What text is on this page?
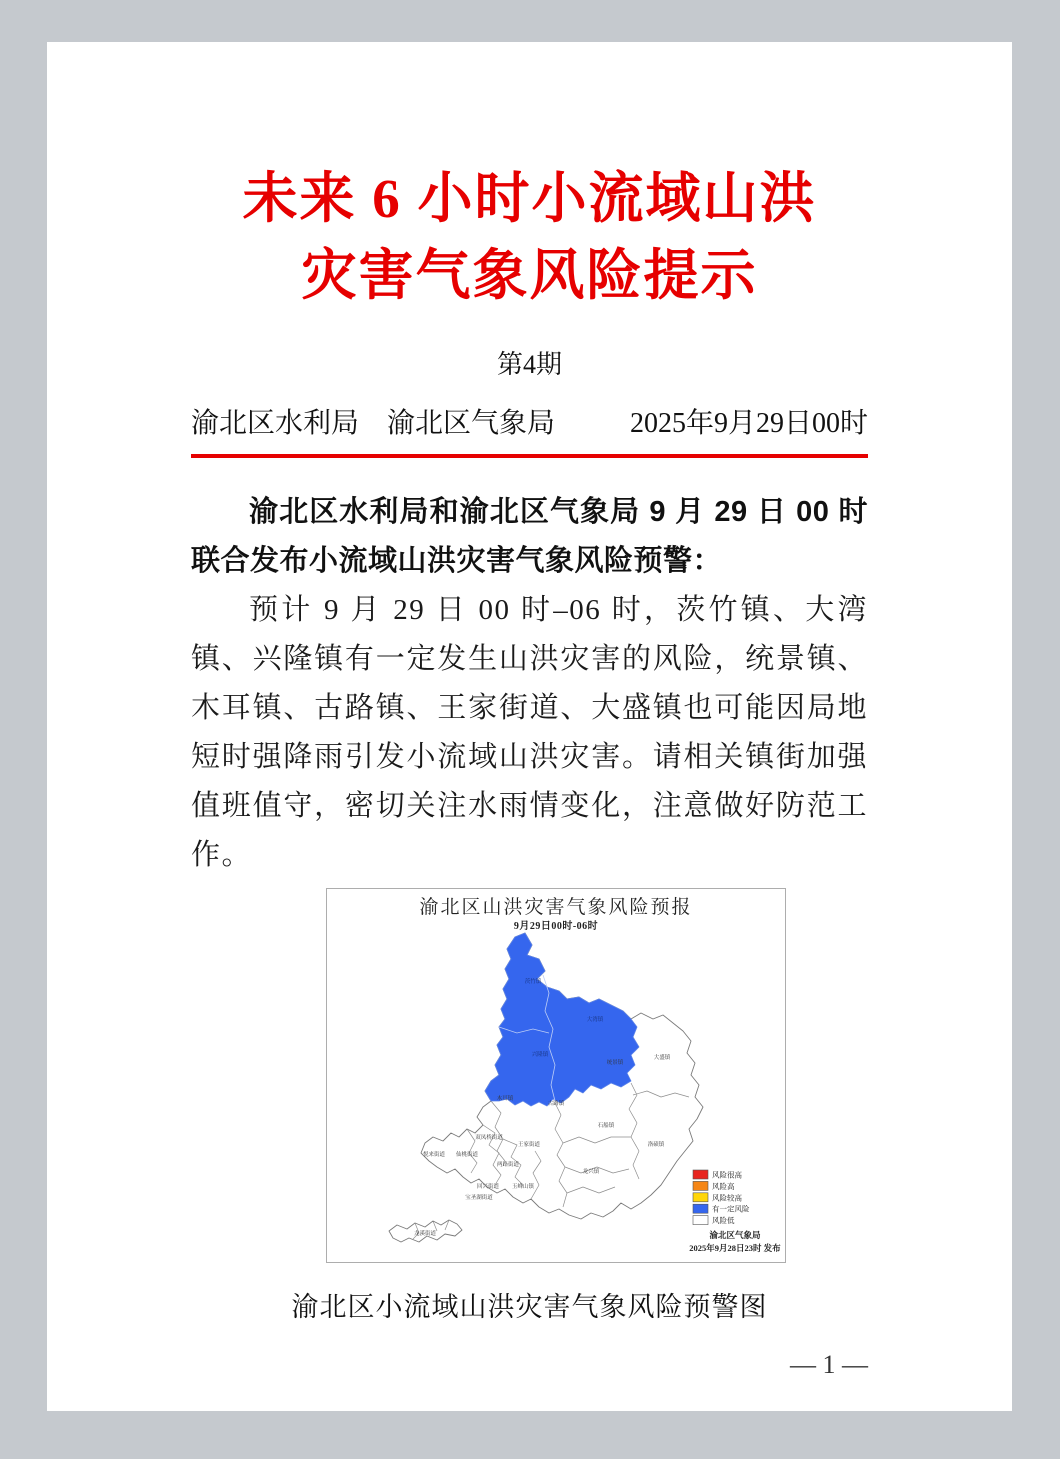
未来 6 小时小流域山洪
灾害气象风险提示
第4期
渝北区水利局　渝北区气象局	2025年9月29日00时

渝北区水利局和渝北区气象局 9 月 29 日 00 时联合发布小流域山洪灾害气象风险预警：

预计 9 月 29 日 00 时–06 时，茨竹镇、大湾镇、兴隆镇有一定发生山洪灾害的风险，统景镇、木耳镇、古路镇、王家街道、大盛镇也可能因局地短时强降雨引发小流域山洪灾害。请相关镇街加强值班值守，密切关注水雨情变化，注意做好防范工作。

渝北区山洪灾害气象风险预报
9月29日00时-06时
风险很高
风险高
风险较高
有一定风险
风险低
茨竹镇
大湾镇
兴隆镇
统景镇
大盛镇
木耳镇
古路镇
石船镇
洛碛镇
龙兴镇
王家街道
双凤桥街道
悦来街道 仙桃街道
两路街道
回兴街道 玉峰山镇
宝圣湖街道
龙溪街道	渝北区气象局
2025年9月28日23时 发布
渝北区小流域山洪灾害气象风险预警图
— 1 —
